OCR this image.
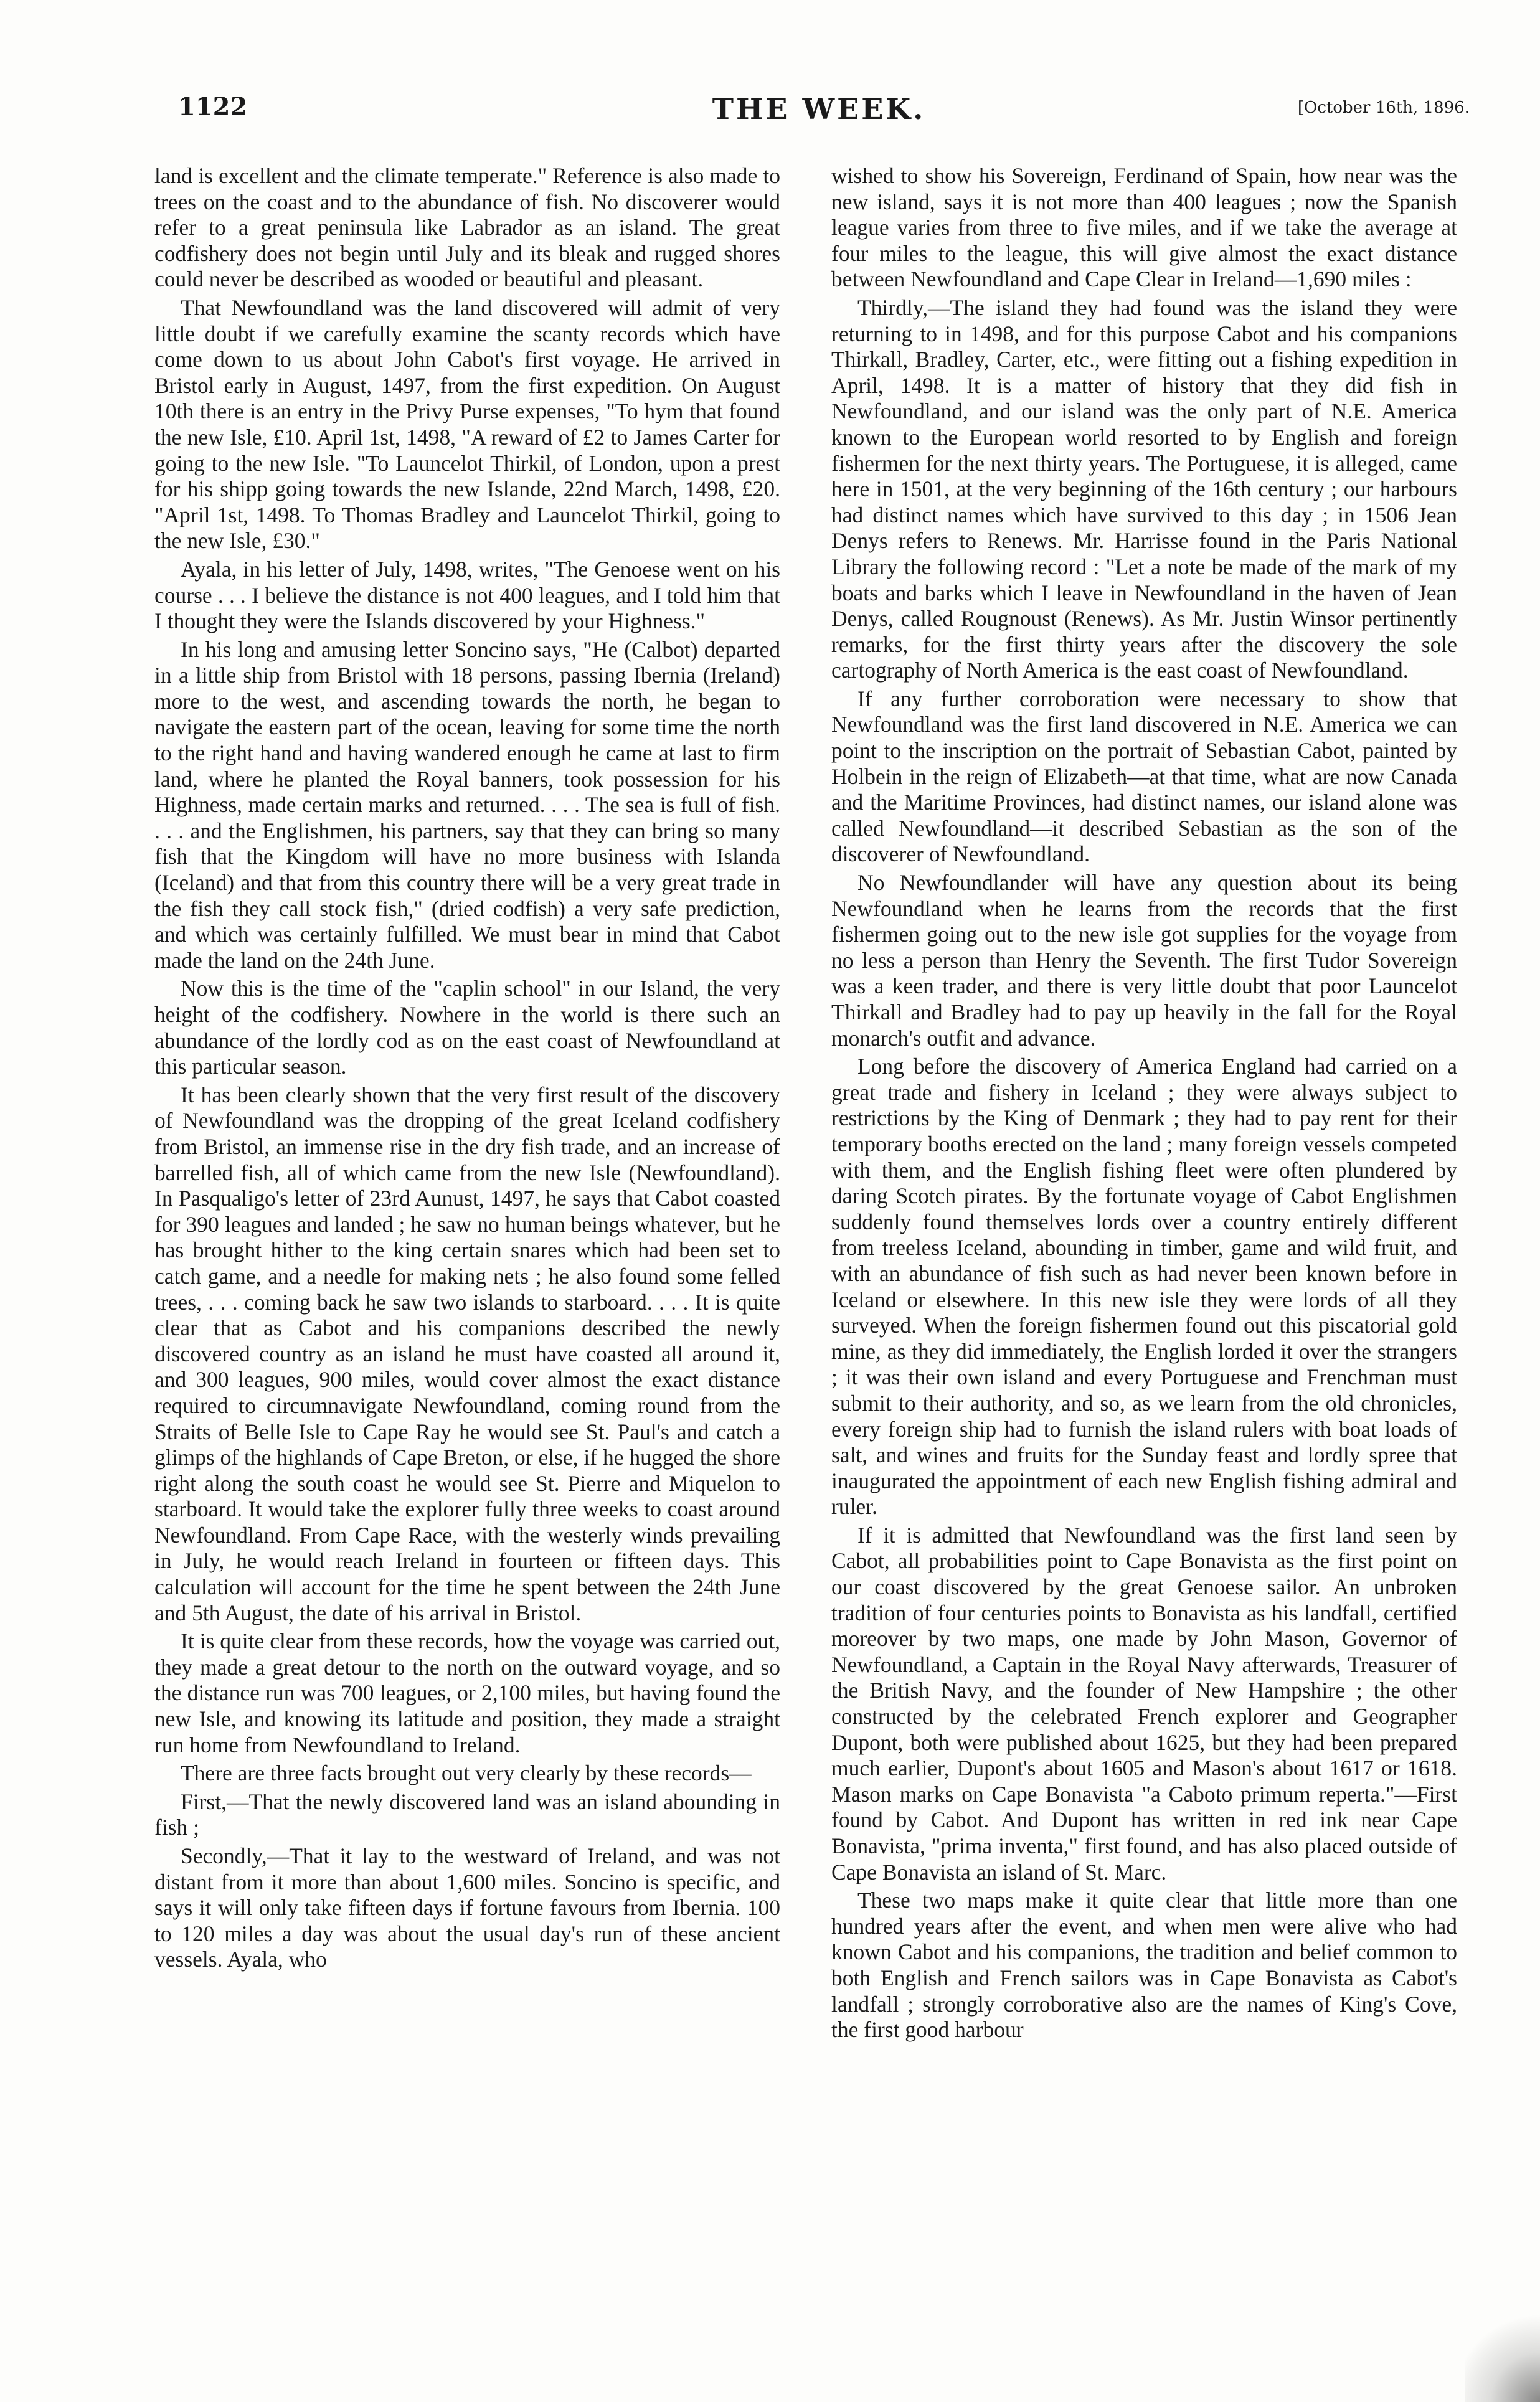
1122	THE WEEK.	[October 16th, 1896.

land is excellent and the climate temperate." Reference is also made to trees on the coast and to the abundance of fish. No discoverer would refer to a great peninsula like Labrador as an island. The great codfishery does not begin until July and its bleak and rugged shores could never be described as wooded or beautiful and pleasant.

That Newfoundland was the land discovered will admit of very little doubt if we carefully examine the scanty records which have come down to us about John Cabot's first voyage. He arrived in Bristol early in August, 1497, from the first expedition. On August 10th there is an entry in the Privy Purse expenses, "To hym that found the new Isle, £10. April 1st, 1498, "A reward of £2 to James Carter for going to the new Isle. "To Launcelot Thirkil, of London, upon a prest for his shipp going towards the new Islande, 22nd March, 1498, £20. "April 1st, 1498. To Thomas Bradley and Launcelot Thirkil, going to the new Isle, £30."

Ayala, in his letter of July, 1498, writes, "The Genoese went on his course . . . I believe the distance is not 400 leagues, and I told him that I thought they were the Islands discovered by your Highness."

In his long and amusing letter Soncino says, "He (Calbot) departed in a little ship from Bristol with 18 persons, passing Ibernia (Ireland) more to the west, and ascending towards the north, he began to navigate the eastern part of the ocean, leaving for some time the north to the right hand and having wandered enough he came at last to firm land, where he planted the Royal banners, took possession for his Highness, made certain marks and returned. . . . The sea is full of fish. . . . and the Englishmen, his partners, say that they can bring so many fish that the Kingdom will have no more business with Islanda (Iceland) and that from this country there will be a very great trade in the fish they call stock fish," (dried codfish) a very safe prediction, and which was certainly fulfilled. We must bear in mind that Cabot made the land on the 24th June.

Now this is the time of the "caplin school" in our Island, the very height of the codfishery. Nowhere in the world is there such an abundance of the lordly cod as on the east coast of Newfoundland at this particular season.

It has been clearly shown that the very first result of the discovery of Newfoundland was the dropping of the great Iceland codfishery from Bristol, an immense rise in the dry fish trade, and an increase of barrelled fish, all of which came from the new Isle (Newfoundland). In Pasqualigo's letter of 23rd Aunust, 1497, he says that Cabot coasted for 390 leagues and landed ; he saw no human beings whatever, but he has brought hither to the king certain snares which had been set to catch game, and a needle for making nets ; he also found some felled trees, . . . coming back he saw two islands to starboard. . . . It is quite clear that as Cabot and his companions described the newly discovered country as an island he must have coasted all around it, and 300 leagues, 900 miles, would cover almost the exact distance required to circumnavigate Newfoundland, coming round from the Straits of Belle Isle to Cape Ray he would see St. Paul's and catch a glimps of the highlands of Cape Breton, or else, if he hugged the shore right along the south coast he would see St. Pierre and Miquelon to starboard. It would take the explorer fully three weeks to coast around Newfoundland. From Cape Race, with the westerly winds prevailing in July, he would reach Ireland in fourteen or fifteen days. This calculation will account for the time he spent between the 24th June and 5th August, the date of his arrival in Bristol.

It is quite clear from these records, how the voyage was carried out, they made a great detour to the north on the outward voyage, and so the distance run was 700 leagues, or 2,100 miles, but having found the new Isle, and knowing its latitude and position, they made a straight run home from Newfoundland to Ireland.

There are three facts brought out very clearly by these records—

First,—That the newly discovered land was an island abounding in fish ;

Secondly,—That it lay to the westward of Ireland, and was not distant from it more than about 1,600 miles. Soncino is specific, and says it will only take fifteen days if fortune favours from Ibernia. 100 to 120 miles a day was about the usual day's run of these ancient vessels. Ayala, who

wished to show his Sovereign, Ferdinand of Spain, how near was the new island, says it is not more than 400 leagues ; now the Spanish league varies from three to five miles, and if we take the average at four miles to the league, this will give almost the exact distance between Newfoundland and Cape Clear in Ireland—1,690 miles :

Thirdly,—The island they had found was the island they were returning to in 1498, and for this purpose Cabot and his companions Thirkall, Bradley, Carter, etc., were fitting out a fishing expedition in April, 1498. It is a matter of history that they did fish in Newfoundland, and our island was the only part of N.E. America known to the European world resorted to by English and foreign fishermen for the next thirty years. The Portuguese, it is alleged, came here in 1501, at the very beginning of the 16th century ; our harbours had distinct names which have survived to this day ; in 1506 Jean Denys refers to Renews. Mr. Harrisse found in the Paris National Library the following record : "Let a note be made of the mark of my boats and barks which I leave in Newfoundland in the haven of Jean Denys, called Rougnoust (Renews). As Mr. Justin Winsor pertinently remarks, for the first thirty years after the discovery the sole cartography of North America is the east coast of Newfoundland.

If any further corroboration were necessary to show that Newfoundland was the first land discovered in N.E. America we can point to the inscription on the portrait of Sebastian Cabot, painted by Holbein in the reign of Elizabeth—at that time, what are now Canada and the Maritime Provinces, had distinct names, our island alone was called Newfoundland—it described Sebastian as the son of the discoverer of Newfoundland.

No Newfoundlander will have any question about its being Newfoundland when he learns from the records that the first fishermen going out to the new isle got supplies for the voyage from no less a person than Henry the Seventh. The first Tudor Sovereign was a keen trader, and there is very little doubt that poor Launcelot Thirkall and Bradley had to pay up heavily in the fall for the Royal monarch's outfit and advance.

Long before the discovery of America England had carried on a great trade and fishery in Iceland ; they were always subject to restrictions by the King of Denmark ; they had to pay rent for their temporary booths erected on the land ; many foreign vessels competed with them, and the English fishing fleet were often plundered by daring Scotch pirates. By the fortunate voyage of Cabot Englishmen suddenly found themselves lords over a country entirely different from treeless Iceland, abounding in timber, game and wild fruit, and with an abundance of fish such as had never been known before in Iceland or elsewhere. In this new isle they were lords of all they surveyed. When the foreign fishermen found out this piscatorial gold mine, as they did immediately, the English lorded it over the strangers ; it was their own island and every Portuguese and Frenchman must submit to their authority, and so, as we learn from the old chronicles, every foreign ship had to furnish the island rulers with boat loads of salt, and wines and fruits for the Sunday feast and lordly spree that inaugurated the appointment of each new English fishing admiral and ruler.

If it is admitted that Newfoundland was the first land seen by Cabot, all probabilities point to Cape Bonavista as the first point on our coast discovered by the great Genoese sailor. An unbroken tradition of four centuries points to Bonavista as his landfall, certified moreover by two maps, one made by John Mason, Governor of Newfoundland, a Captain in the Royal Navy afterwards, Treasurer of the British Navy, and the founder of New Hampshire ; the other constructed by the celebrated French explorer and Geographer Dupont, both were published about 1625, but they had been prepared much earlier, Dupont's about 1605 and Mason's about 1617 or 1618. Mason marks on Cape Bonavista "a Caboto primum reperta."—First found by Cabot. And Dupont has written in red ink near Cape Bonavista, "prima inventa," first found, and has also placed outside of Cape Bonavista an island of St. Marc.

These two maps make it quite clear that little more than one hundred years after the event, and when men were alive who had known Cabot and his companions, the tradition and belief common to both English and French sailors was in Cape Bonavista as Cabot's landfall ; strongly corroborative also are the names of King's Cove, the first good harbour
